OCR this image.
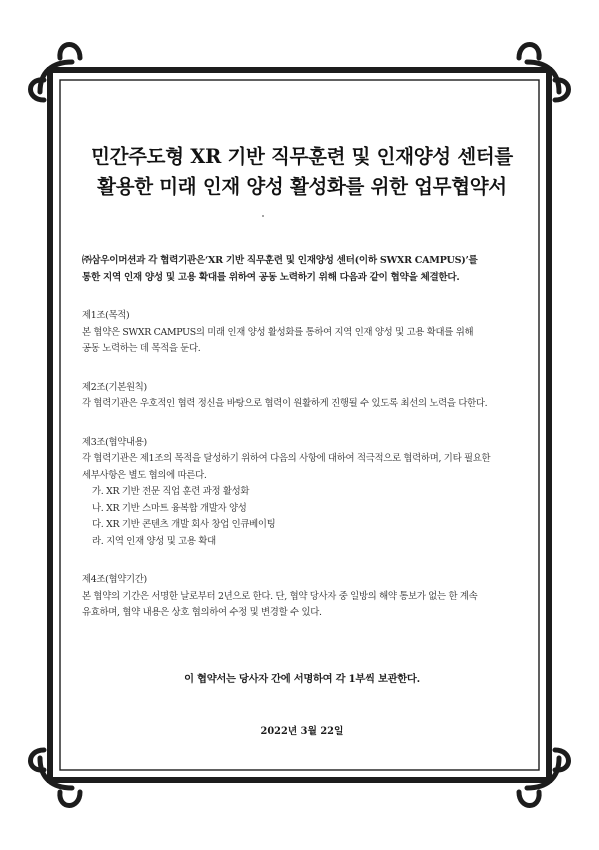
민간주도형 XR 기반 직무훈련 및 인재양성 센터를
활용한 미래 인재 양성 활성화를 위한 업무협약서
㈜삼우이머션과 각 협력기관은‘XR 기반 직무훈련 및 인재양성 센터(이하 SWXR CAMPUS)’를
통한 지역 인재 양성 및 고용 확대를 위하여 공동 노력하기 위해 다음과 같이 협약을 체결한다.
제1조(목적)
본 협약은 SWXR CAMPUS의 미래 인재 양성 활성화를 통하여 지역 인재 양성 및 고용 확대를 위해
공동 노력하는 데 목적을 둔다.
제2조(기본원칙)
각 협력기관은 우호적인 협력 정신을 바탕으로 협력이 원활하게 진행될 수 있도록 최선의 노력을 다한다.
제3조(협약내용)
각 협력기관은 제1조의 목적을 달성하기 위하여 다음의 사항에 대하여 적극적으로 협력하며, 기타 필요한
세부사항은 별도 협의에 따른다.
가. XR 기반 전문 직업 훈련 과정 활성화
나. XR 기반 스마트 융복합 개발자 양성
다. XR 기반 콘텐츠 개발 회사 창업 인큐베이팅
라. 지역 인재 양성 및 고용 확대
제4조(협약기간)
본 협약의 기간은 서명한 날로부터 2년으로 한다. 단, 협약 당사자 중 일방의 해약 통보가 없는 한 계속
유효하며, 협약 내용은 상호 협의하여 수정 및 변경할 수 있다.
이 협약서는 당사자 간에 서명하여 각 1부씩 보관한다.
2022년 3월 22일
